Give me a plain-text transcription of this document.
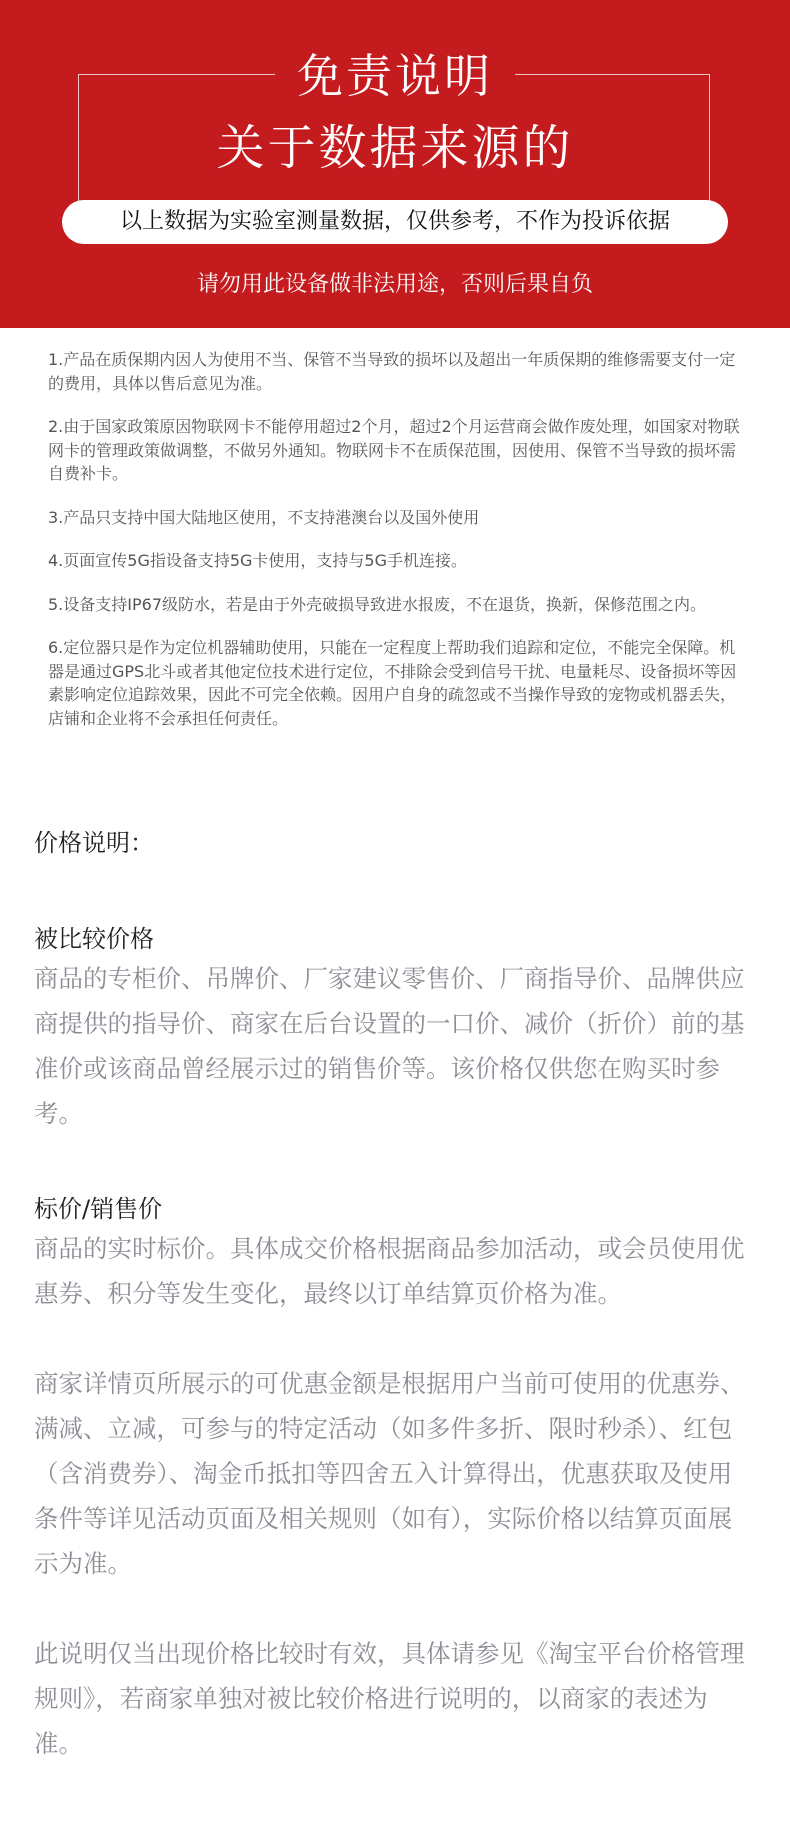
免责说明
关于数据来源的
以上数据为实验室测量数据，仅供参考，不作为投诉依据
请勿用此设备做非法用途，否则后果自负

1.产品在质保期内因人为使用不当、保管不当导致的损坏以及超出一年质保期的维修需要支付一定的费用，具体以售后意见为准。

2.由于国家政策原因物联网卡不能停用超过2个月，超过2个月运营商会做作废处理，如国家对物联网卡的管理政策做调整，不做另外通知。物联网卡不在质保范围，因使用、保管不当导致的损坏需自费补卡。

3.产品只支持中国大陆地区使用，不支持港澳台以及国外使用

4.页面宣传5G指设备支持5G卡使用，支持与5G手机连接。

5.设备支持IP67级防水，若是由于外壳破损导致进水报废，不在退货，换新，保修范围之内。

6.定位器只是作为定位机器辅助使用，只能在一定程度上帮助我们追踪和定位，不能完全保障。机器是通过GPS北斗或者其他定位技术进行定位，不排除会受到信号干扰、电量耗尽、设备损坏等因素影响定位追踪效果，因此不可完全依赖。因用户自身的疏忽或不当操作导致的宠物或机器丢失，店铺和企业将不会承担任何责任。

价格说明：

被比较价格

商品的专柜价、吊牌价、厂家建议零售价、厂商指导价、品牌供应商提供的指导价、商家在后台设置的一口价、减价（折价）前的基准价或该商品曾经展示过的销售价等。该价格仅供您在购买时参考。

标价/销售价

商品的实时标价。具体成交价格根据商品参加活动，或会员使用优惠券、积分等发生变化，最终以订单结算页价格为准。

商家详情页所展示的可优惠金额是根据用户当前可使用的优惠券、满减、立减，可参与的特定活动（如多件多折、限时秒杀）、红包（含消费券）、淘金币抵扣等四舍五入计算得出，优惠获取及使用条件等详见活动页面及相关规则（如有），实际价格以结算页面展示为准。

此说明仅当出现价格比较时有效，具体请参见《淘宝平台价格管理规则》，若商家单独对被比较价格进行说明的，以商家的表述为准。
